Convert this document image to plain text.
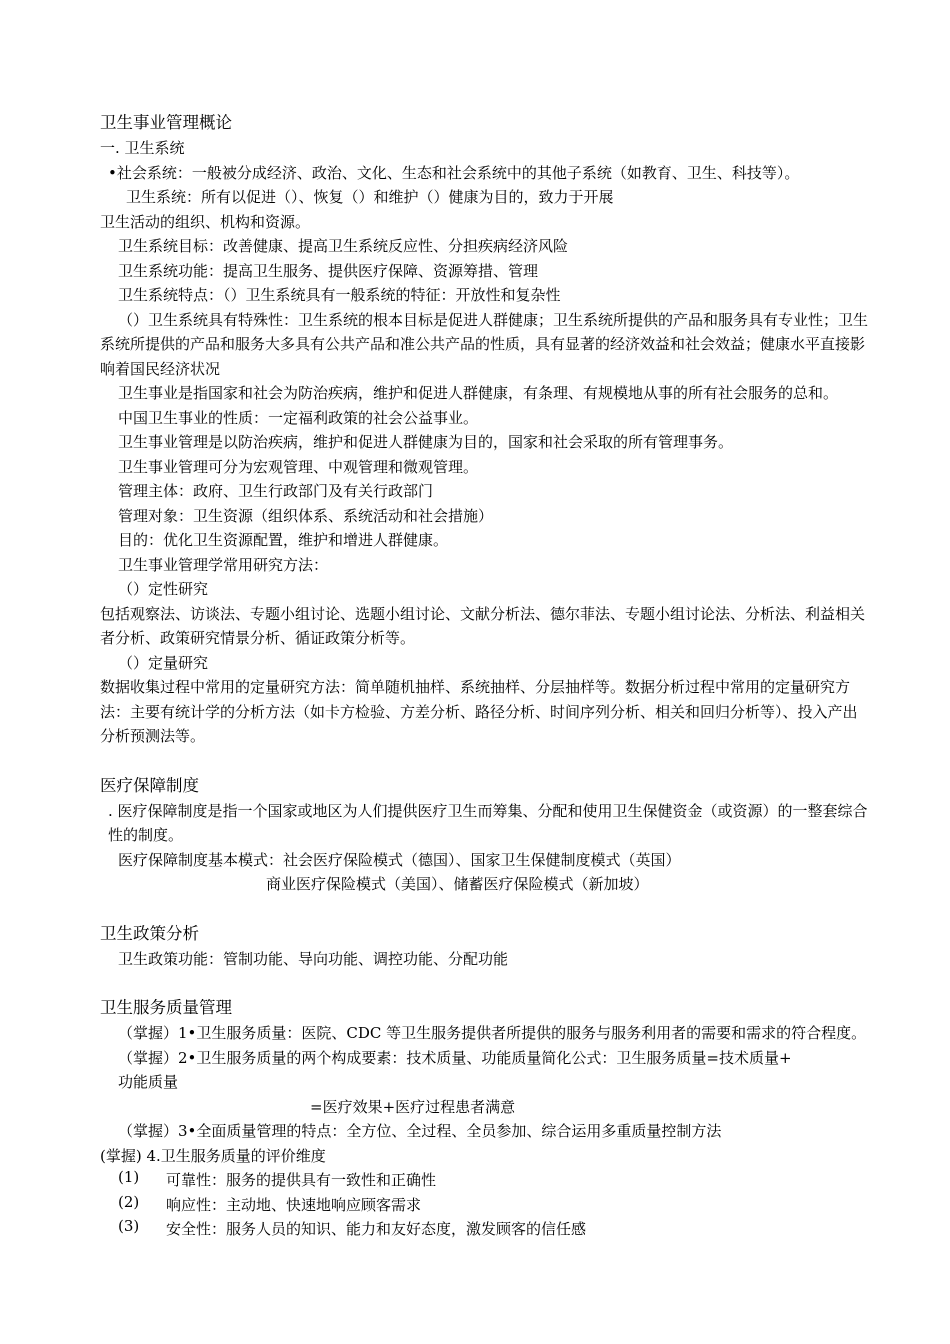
卫生事业管理概论

一. 卫生系统

•社会系统：一般被分成经济、政治、文化、生态和社会系统中的其他子系统（如教育、卫生、科技等）。

卫生系统：所有以促进（）、恢复（）和维护（）健康为目的，致力于开展

卫生活动的组织、机构和资源。

卫生系统目标：改善健康、提高卫生系统反应性、分担疾病经济风险

卫生系统功能：提高卫生服务、提供医疗保障、资源筹措、管理

卫生系统特点：（）卫生系统具有一般系统的特征：开放性和复杂性

（）卫生系统具有特殊性：卫生系统的根本目标是促进人群健康；卫生系统所提供的产品和服务具有专业性；卫生系统所提供的产品和服务大多具有公共产品和准公共产品的性质，具有显著的经济效益和社会效益；健康水平直接影响着国民经济状况

卫生事业是指国家和社会为防治疾病，维护和促进人群健康，有条理、有规模地从事的所有社会服务的总和。

中国卫生事业的性质：一定福利政策的社会公益事业。

卫生事业管理是以防治疾病，维护和促进人群健康为目的，国家和社会采取的所有管理事务。

卫生事业管理可分为宏观管理、中观管理和微观管理。

管理主体：政府、卫生行政部门及有关行政部门

管理对象：卫生资源（组织体系、系统活动和社会措施）

目的：优化卫生资源配置，维护和增进人群健康。

卫生事业管理学常用研究方法：

（）定性研究

包括观察法、访谈法、专题小组讨论、选题小组讨论、文献分析法、德尔菲法、专题小组讨论法、分析法、利益相关者分析、政策研究情景分析、循证政策分析等。

（）定量研究

数据收集过程中常用的定量研究方法：简单随机抽样、系统抽样、分层抽样等。数据分析过程中常用的定量研究方法：主要有统计学的分析方法（如卡方检验、方差分析、路径分析、时间序列分析、相关和回归分析等）、投入产出分析预测法等。

医疗保障制度

. 医疗保障制度是指一个国家或地区为人们提供医疗卫生而筹集、分配和使用卫生保健资金（或资源）的一整套综合性的制度。

医疗保障制度基本模式：社会医疗保险模式（德国）、国家卫生保健制度模式（英国）

商业医疗保险模式（美国）、储蓄医疗保险模式（新加坡）

卫生政策分析

卫生政策功能：管制功能、导向功能、调控功能、分配功能

卫生服务质量管理

（掌握）1•卫生服务质量：医院、CDC 等卫生服务提供者所提供的服务与服务利用者的需要和需求的符合程度。

（掌握）2•卫生服务质量的两个构成要素：技术质量、功能质量简化公式：卫生服务质量=技术质量+

功能质量

=医疗效果+医疗过程患者满意

（掌握）3•全面质量管理的特点：全方位、全过程、全员参加、综合运用多重质量控制方法

(掌握) 4.卫生服务质量的评价维度

(1)	可靠性：服务的提供具有一致性和正确性
(2)	响应性：主动地、快速地响应顾客需求
(3)	安全性：服务人员的知识、能力和友好态度，激发顾客的信任感
